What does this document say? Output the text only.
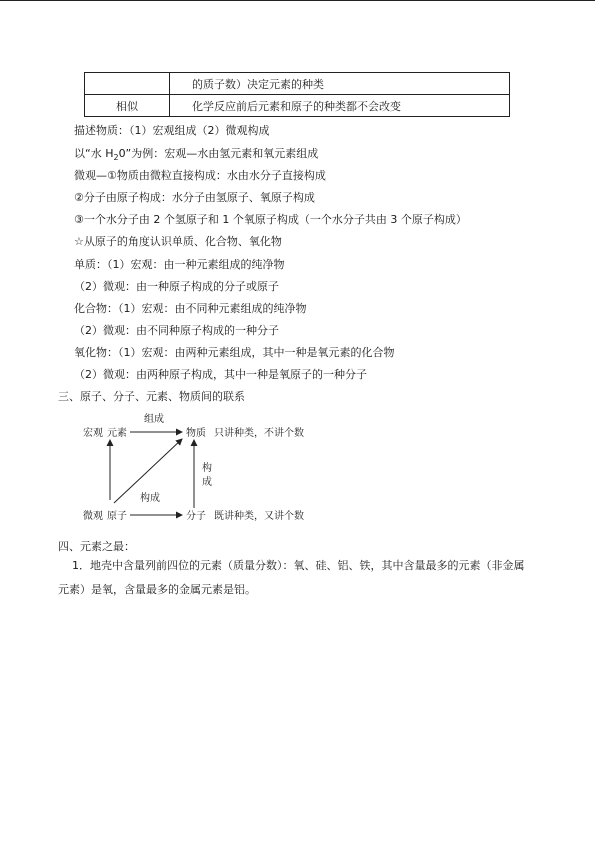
	的质子数）决定元素的种类
相似	化学反应前后元素和原子的种类都不会改变
描述物质：（1）宏观组成（2）微观构成
以“水 $H_20$”为例：宏观—水由氢元素和氧元素组成
微观—①物质由微粒直接构成：水由水分子直接构成
②分子由原子构成：水分子由氢原子、氧原子构成
③一个水分子由 2 个氢原子和 1 个氧原子构成（一个水分子共由 3 个原子构成）
☆从原子的角度认识单质、化合物、氧化物
单质：（1）宏观：由一种元素组成的纯净物
（2）微观：由一种原子构成的分子或原子
化合物：（1）宏观：由不同种元素组成的纯净物
（2）微观：由不同种原子构成的一种分子
氧化物：（1）宏观：由两种元素组成，其中一种是氧元素的化合物
（2）微观：由两种原子构成，其中一种是氧原子的一种分子
三、原子、分子、元素、物质间的联系
宏观 元素
组成
物质 只讲种类，不讲个数
构
成
构成
微观 原子	分子 既讲种类，又讲个数
四、元素之最：
1．地壳中含量列前四位的元素（质量分数）：氧、硅、铝、铁，其中含量最多的元素（非金属元素）是氧，含量最多的金属元素是铝。
